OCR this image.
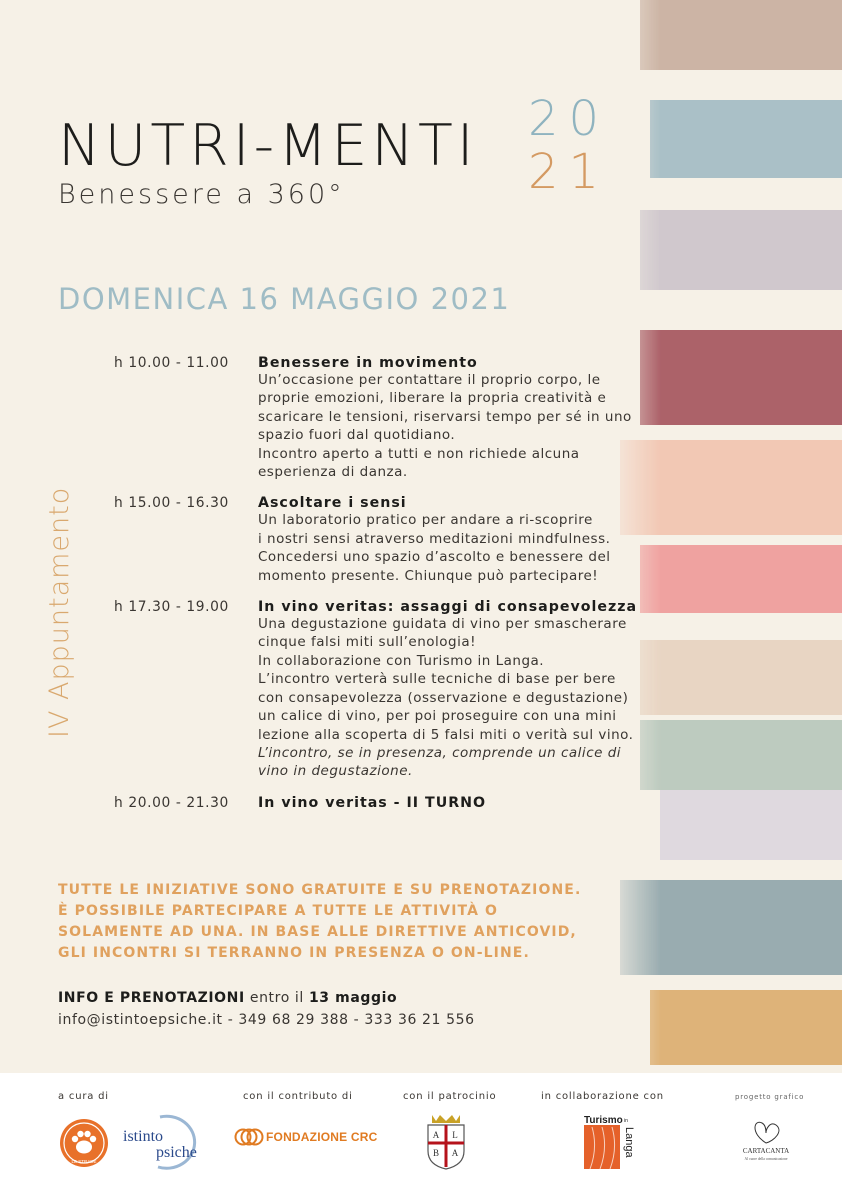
NUTRI-MENTI
Benessere a 360°
20
21
DOMENICA 16 MAGGIO 2021
IV Appuntamento
h 10.00 - 11.00	Benessere in movimento
Un’occasione per contattare il proprio corpo, le
proprie emozioni, liberare la propria creatività e
scaricare le tensioni, riservarsi tempo per sé in uno
spazio fuori dal quotidiano.
Incontro aperto a tutti e non richiede alcuna
esperienza di danza.
h 15.00 - 16.30	Ascoltare i sensi
Un laboratorio pratico per andare a ri-scoprire
i nostri sensi atraverso meditazioni mindfulness.
Concedersi uno spazio d’ascolto e benessere del
momento presente. Chiunque può partecipare!
h 17.30 - 19.00	In vino veritas: assaggi di consapevolezza
Una degustazione guidata di vino per smascherare
cinque falsi miti sull’enologia!
In collaborazione con Turismo in Langa.
L’incontro verterà sulle tecniche di base per bere
con consapevolezza (osservazione e degustazione)
un calice di vino, per poi proseguire con una mini
lezione alla scoperta di 5 falsi miti o verità sul vino.
L’incontro, se in presenza, comprende un calice di
vino in degustazione.
h 20.00 - 21.30	In vino veritas - II TURNO
TUTTE LE INIZIATIVE SONO GRATUITE E SU PRENOTAZIONE.
È POSSIBILE PARTECIPARE A TUTTE LE ATTIVITÀ O
SOLAMENTE AD UNA. IN BASE ALLE DIRETTIVE ANTICOVID,
GLI INCONTRI SI TERRANNO IN PRESENZA O ON-LINE.
INFO E PRENOTAZIONI entro il 13 maggio
info@istintoepsiche.it - 349 68 29 388 - 333 36 21 556
a cura di	con il contributo di	con il patrocinio	in collaborazione con	progetto grafico
LE STRADE
istinto
psiche
FONDAZIONE CRC	A L
B A
Turismo in
Langa	CARTACANTA
Al cuore della comunicazione
